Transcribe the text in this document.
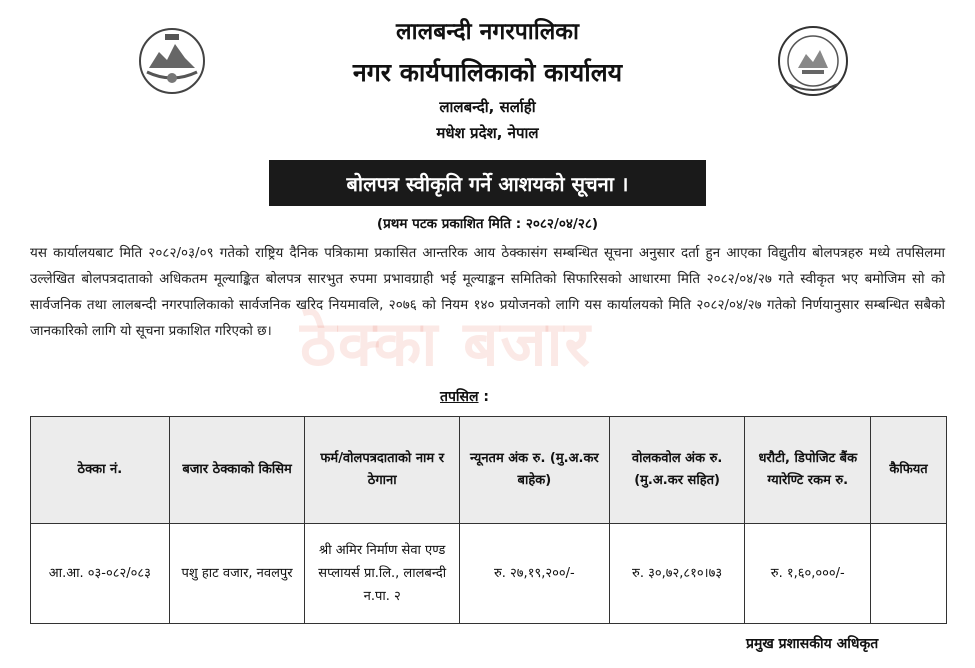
लालबन्दी नगरपालिका
नगर कार्यपालिकाको कार्यालय
लालबन्दी, सर्लाही
मधेश प्रदेश, नेपाल
बोलपत्र स्वीकृति गर्ने आशयको सूचना ।
(प्रथम पटक प्रकाशित मिति : २०८२/०४/२८)
ठेक्का बजार
यस कार्यालयबाट मिति २०८२/०३/०९ गतेको राष्ट्रिय दैनिक पत्रिकामा प्रकासित आन्तरिक आय ठेक्कासंग सम्बन्धित सूचना अनुसार दर्ता हुन आएका विद्युतीय बोलपत्रहरु मध्ये तपसिलमा उल्लेखित बोलपत्रदाताको अधिकतम मूल्याङ्कित बोलपत्र सारभुत रुपमा प्रभावग्राही भई मूल्याङ्कन समितिको सिफारिसको आधारमा मिति २०८२/०४/२७ गते स्वीकृत भए बमोजिम सो को सार्वजनिक तथा लालबन्दी नगरपालिकाको सार्वजनिक खरिद नियमावलि, २०७६ को नियम १४० प्रयोजनको लागि यस कार्यालयको मिति २०८२/०४/२७ गतेको निर्णयानुसार सम्बन्धित सबैको जानकारिको लागि यो सूचना प्रकाशित गरिएको छ।
तपसिल :
ठेक्का नं.	बजार ठेक्काको किसिम	फर्म/वोलपत्रदाताको नाम र ठेगाना	न्यूनतम अंक रु. (मु.अ.कर बाहेक)	वोलकवोल अंक रु. (मु.अ.कर सहित)	धरौटी, डिपोजिट बैंक ग्यारेण्टि रकम रु.	कैफियत
आ.आ. ०३-०८२/०८३	पशु हाट वजार, नवलपुर	श्री अमिर निर्माण सेवा एण्ड सप्लायर्स प्रा.लि., लालबन्दी न.पा. २	रु. २७,१९,२००/-	रु. ३०,७२,८१०।७३	रु. १,६०,०००/-	
प्रमुख प्रशासकीय अधिकृत
